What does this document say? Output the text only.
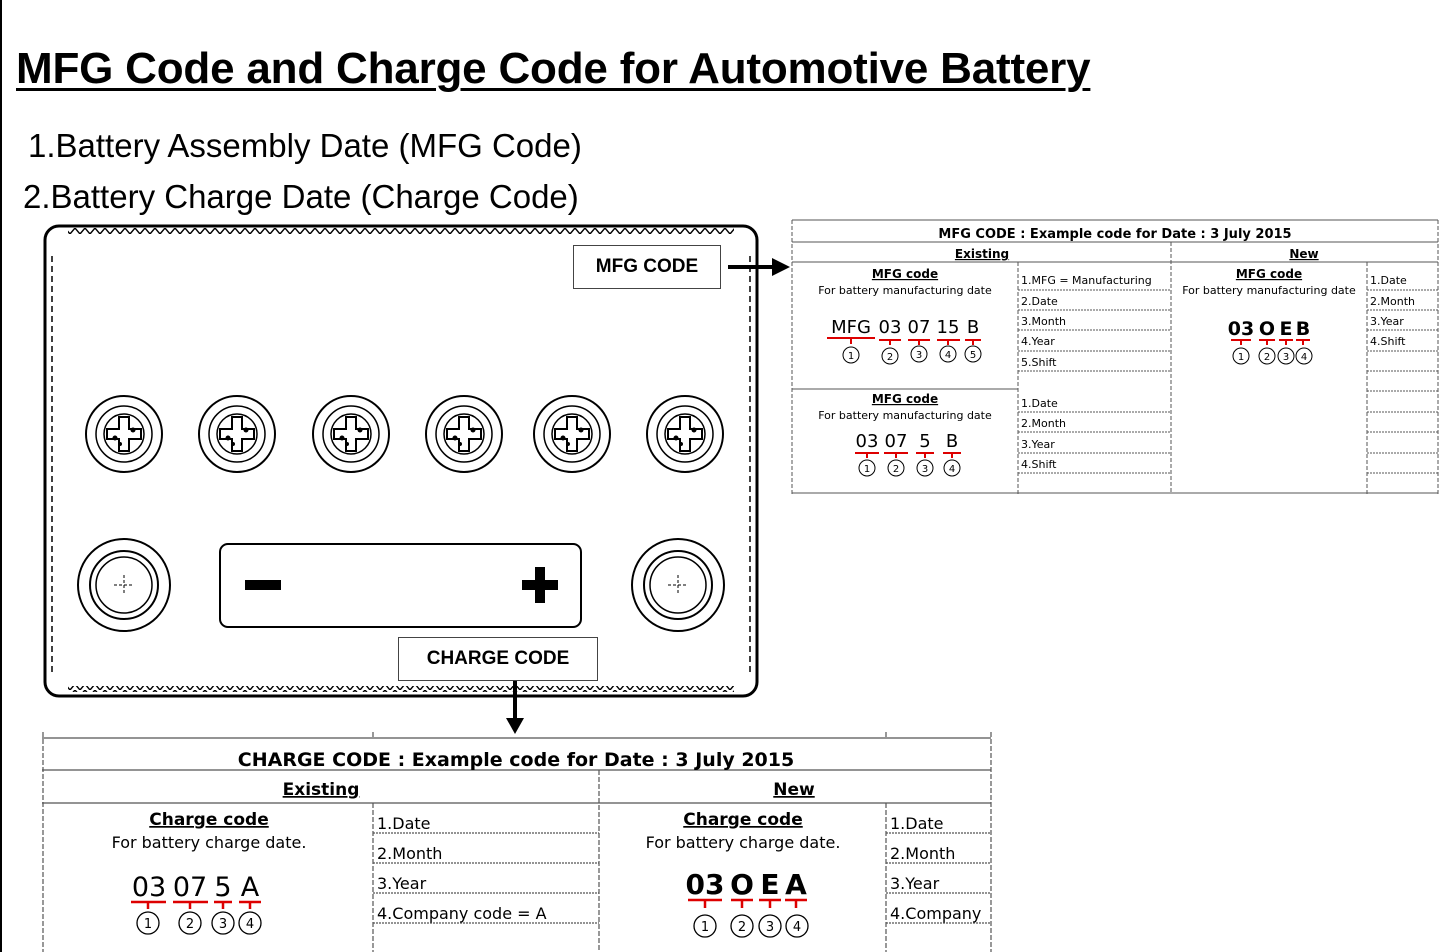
MFG Code and Charge Code for Automotive Battery
1.Battery Assembly Date (MFG Code)
2.Battery Charge Date (Charge Code)
MFG CODE
CHARGE CODE
MFG CODE : Example code for Date : 3 July 2015
Existing	New
MFG code
For battery manufacturing date
MFG 03 07 15 B
1	2 3 4 5
1.MFG = Manufacturing
2.Date
3.Month
4.Year
5.Shift
MFG code
For battery manufacturing date
03 07 5 B
1 2 3 4
1.Date
2.Month
3.Year
4.Shift
MFG code
For battery manufacturing date
03 O E B
1 2 3 4
1.Date
2.Month
3.Year
4.Shift
CHARGE CODE : Example code for Date : 3 July 2015
Existing	New
Charge code
For battery charge date.
03 07 5 A
1	2 3 4
1.Date
2.Month
3.Year
4.Company code = A
Charge code
For battery charge date.
03 O E A
1 2 3 4
1.Date
2.Month
3.Year
4.Company
